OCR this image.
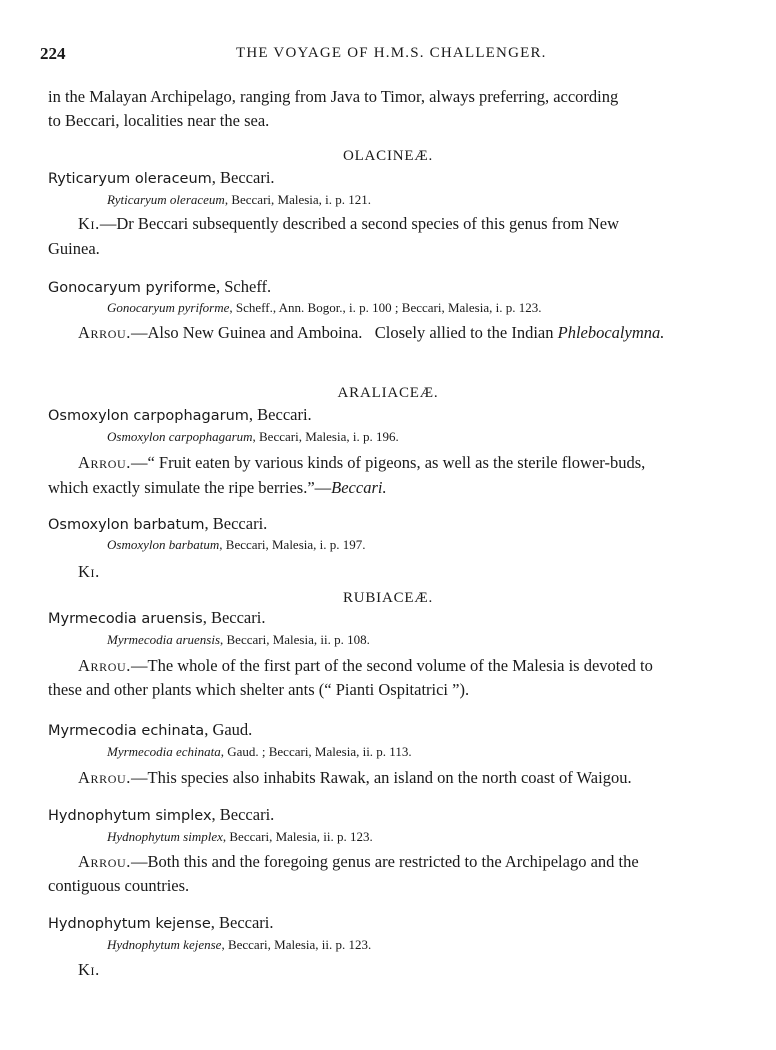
224	THE VOYAGE OF H.M.S. CHALLENGER.
in the Malayan Archipelago, ranging from Java to Timor, always preferring, according
to Beccari, localities near the sea.
OLACINEÆ.
Ryticaryum oleraceum, Beccari.
Ryticaryum oleraceum, Beccari, Malesia, i. p. 121.
Ki.—Dr Beccari subsequently described a second species of this genus from New
Guinea.
Gonocaryum pyriforme, Scheff.
Gonocaryum pyriforme, Scheff., Ann. Bogor., i. p. 100 ; Beccari, Malesia, i. p. 123.
Arrou.—Also New Guinea and Amboina.   Closely allied to the Indian Phlebocalymna.
ARALIACEÆ.
Osmoxylon carpophagarum, Beccari.
Osmoxylon carpophagarum, Beccari, Malesia, i. p. 196.
Arrou.—“ Fruit eaten by various kinds of pigeons, as well as the sterile flower-buds,
which exactly simulate the ripe berries.”—Beccari.
Osmoxylon barbatum, Beccari.
Osmoxylon barbatum, Beccari, Malesia, i. p. 197.
Ki.
RUBIACEÆ.
Myrmecodia aruensis, Beccari.
Myrmecodia aruensis, Beccari, Malesia, ii. p. 108.
Arrou.—The whole of the first part of the second volume of the Malesia is devoted to
these and other plants which shelter ants (“ Pianti Ospitatrici ”).
Myrmecodia echinata, Gaud.
Myrmecodia echinata, Gaud. ; Beccari, Malesia, ii. p. 113.
Arrou.—This species also inhabits Rawak, an island on the north coast of Waigou.
Hydnophytum simplex, Beccari.
Hydnophytum simplex, Beccari, Malesia, ii. p. 123.
Arrou.—Both this and the foregoing genus are restricted to the Archipelago and the
contiguous countries.
Hydnophytum kejense, Beccari.
Hydnophytum kejense, Beccari, Malesia, ii. p. 123.
Ki.
